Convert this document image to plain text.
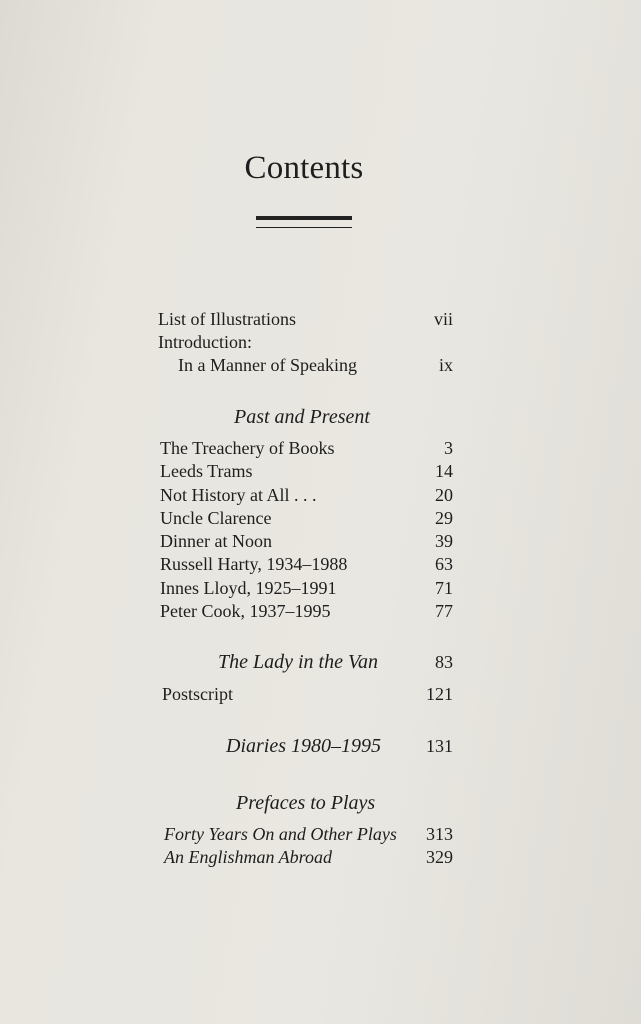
Contents
List of Illustrations	vii
Introduction:
In a Manner of Speaking	ix
Past and Present
The Treachery of Books	3
Leeds Trams	14
Not History at All . . .	20
Uncle Clarence	29
Dinner at Noon	39
Russell Harty, 1934–1988	63
Innes Lloyd, 1925–1991	71
Peter Cook, 1937–1995	77
The Lady in the Van	83
Postscript	121
Diaries 1980–1995	131
Prefaces to Plays
Forty Years On and Other Plays 313
An Englishman Abroad	329
